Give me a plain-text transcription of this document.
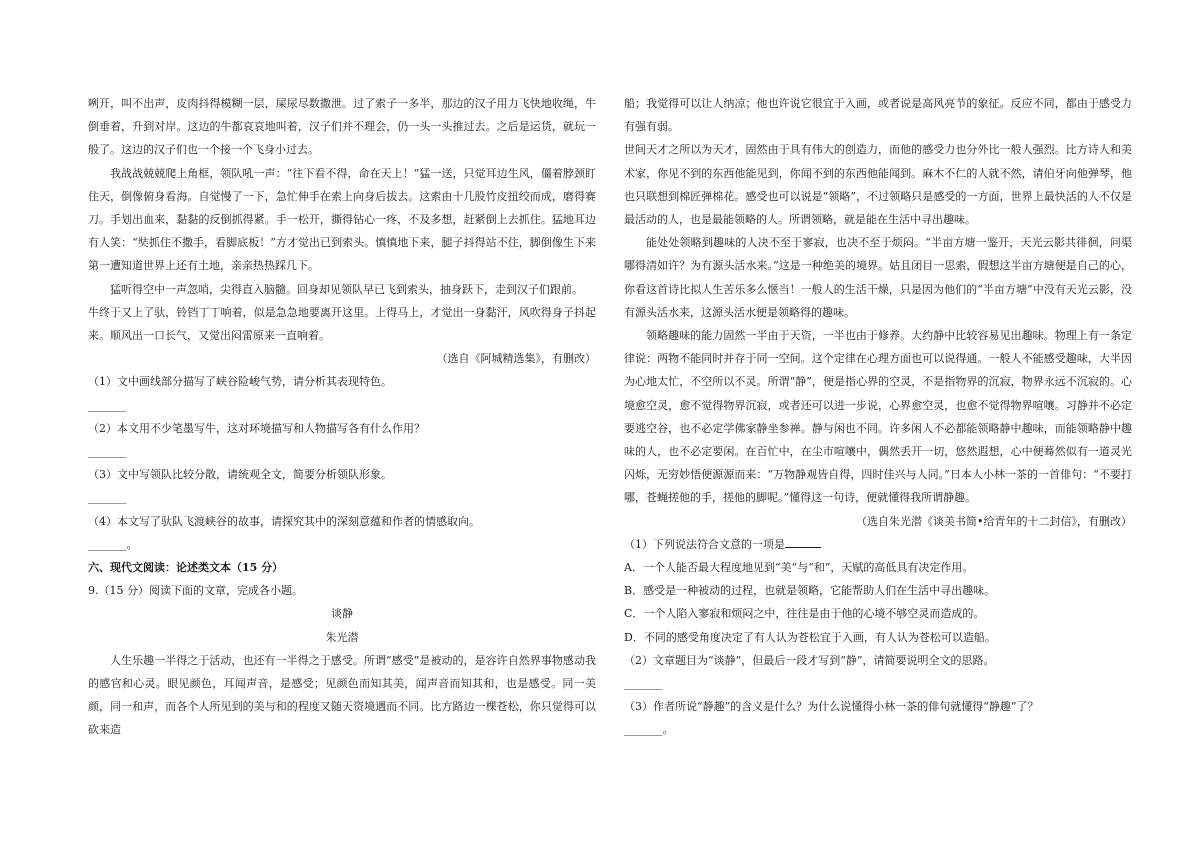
咧开，叫不出声，皮肉抖得模糊一层，屎尿尽数撒泄。过了索子一多半，那边的汉子用力飞快地收绳，牛倒垂着，升到对岸。这边的牛都哀哀地叫着，汉子们并不理会，仍一头一头推过去。之后是运货，就玩一般了。这边的汉子们也一个接一个飞身小过去。

我战战兢兢爬上角框，领队吼一声：“往下看不得，命在天上！”猛一送，只觉耳边生风，僵着脖颈盯住天，倒像俯身看海。自觉慢了一下，急忙伸手在索上向身后拔去。这索由十几股竹皮扭绞而成，磨得赛刀。手划出血来，黏黏的反倒抓得紧。手一松开，撕得钻心一疼，不及多想，赶紧倒上去抓住。猛地耳边有人笑：“奘抓住不撒手，看脚底板！”方才觉出已到索头。慎慎地下来，腿子抖得站不住，脚倒像生下来第一遭知道世界上还有土地，亲亲热热踩几下。

猛听得空中一声忽哨，尖得直入脑髓。回身却见领队早已飞到索头，抽身跃下，走到汉子们跟前。

牛终于又上了驮，铃铛丁丁响着，似是急急地要离开这里。上得马上，才觉出一身黏汗，风吹得身子抖起来。顺风出一口长气，又觉出闷雷原来一直响着。

（选自《阿城精选集》，有删改）

（1）文中画线部分描写了峡谷险峻气势，请分析其表现特色。

_______

（2）本文用不少笔墨写牛，这对环境描写和人物描写各有什么作用？

_______

（3）文中写领队比较分散，请统观全文，简要分析领队形象。

_______

（4）本文写了驮队飞渡峡谷的故事，请探究其中的深刻意蕴和作者的情感取向。

_______。

六、现代文阅读：论述类文本（15 分）

9.（15 分）阅读下面的文章，完成各小题。

谈静

朱光潜

人生乐趣一半得之于活动，也还有一半得之于感受。所谓“感受”是被动的，是容许自然界事物感动我的感官和心灵。眼见颜色，耳闻声音，是感受；见颜色而知其美，闻声音而知其和，也是感受。同一美颜，同一和声，而各个人所见到的美与和的程度又随天资境遇而不同。比方路边一棵苍松，你只觉得可以砍来造

船；我觉得可以让人纳凉；他也许说它很宜于入画，或者说是高风亮节的象征。反应不同，都由于感受力有强有弱。

世间天才之所以为天才，固然由于具有伟大的创造力，而他的感受力也分外比一般人强烈。比方诗人和美术家，你见不到的东西他能见到，你闻不到的东西他能闻到。麻木不仁的人就不然，请伯牙向他弹琴，他也只联想到棉匠弹棉花。感受也可以说是“领略”，不过领略只是感受的一方面，世界上最快活的人不仅是最活动的人，也是最能领略的人。所谓领略，就是能在生活中寻出趣味。

能处处领略到趣味的人决不至于寥寂，也决不至于烦闷。“半亩方塘一鉴开，天光云影共徘徊，问渠哪得清如许？为有源头活水来。”这是一种绝美的境界。姑且闭目一思索，假想这半亩方塘便是自己的心，你看这首诗比拟人生苦乐多么惬当！一般人的生活干燥，只是因为他们的“半亩方塘”中没有天光云影，没有源头活水来，这源头活水便是领略得的趣味。

领略趣味的能力固然一半由于天资，一半也由于修养。大约静中比较容易见出趣味。物理上有一条定律说：两物不能同时并存于同一空间。这个定律在心理方面也可以说得通。一般人不能感受趣味，大半因为心地太忙，不空所以不灵。所谓“静”，便是指心界的空灵，不是指物界的沉寂，物界永远不沉寂的。心境愈空灵，愈不觉得物界沉寂，或者还可以进一步说，心界愈空灵，也愈不觉得物界喧嚷。习静并不必定要逃空谷，也不必定学佛家静坐参禅。静与闲也不同。许多闲人不必都能领略静中趣味，而能领略静中趣味的人，也不必定要闲。在百忙中，在尘市喧嚷中，偶然丢开一切，悠然遐想，心中便蓦然似有一道灵光闪烁，无穷妙悟便源源而来：“万物静观皆自得，四时佳兴与人同。”日本人小林一茶的一首俳句：“不要打哪，苍蝇搓他的手，搓他的脚呢。”懂得这一句诗，便就懂得我所谓静趣。

（选自朱光潜《谈美书简•给青年的十二封信》，有删改）

（1）下列说法符合文意的一项是

A．一个人能否最大程度地见到“美”与“和”，天赋的高低具有决定作用。

B．感受是一种被动的过程，也就是领略，它能帮助人们在生活中寻出趣味。

C．一个人陷入寥寂和烦闷之中，往往是由于他的心境不够空灵而造成的。

D．不同的感受角度决定了有人认为苍松宜于入画，有人认为苍松可以造船。

（2）文章题目为“谈静”，但最后一段才写到“静”，请简要说明全文的思路。

_______

（3）作者所说“静趣”的含义是什么？为什么说懂得小林一茶的俳句就懂得“静趣”了？

_______。
